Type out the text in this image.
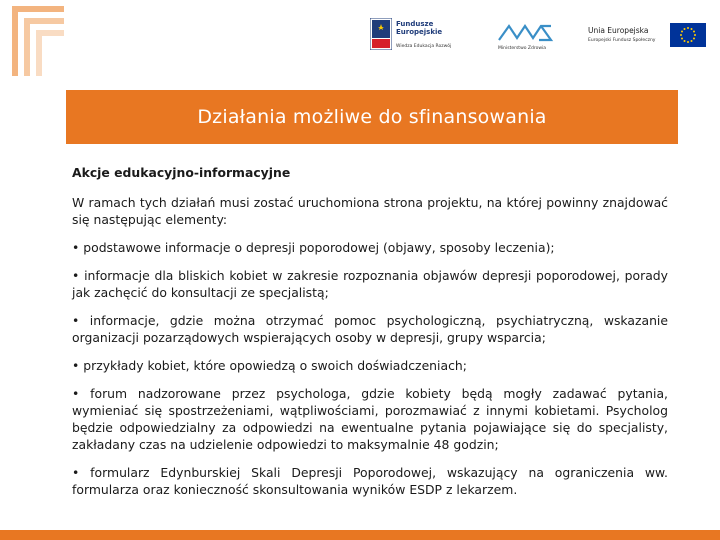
Fundusze
Europejskie
Wiedza Edukacja Rozwój	Ministerstwo Zdrowia
Unia Europejska
Europejski Fundusz Społeczny
Działania możliwe do sfinansowania

Akcje edukacyjno-informacyjne

W ramach tych działań musi zostać uruchomiona strona projektu, na której powinny znajdować się następując elementy:

• podstawowe informacje o depresji poporodowej (objawy, sposoby leczenia);

• informacje dla bliskich kobiet w zakresie rozpoznania objawów depresji poporodowej, porady jak zachęcić do konsultacji ze specjalistą;

• informacje, gdzie można otrzymać pomoc psychologiczną, psychiatryczną, wskazanie organizacji pozarządowych wspierających osoby w depresji, grupy wsparcia;

• przykłady kobiet, które opowiedzą o swoich doświadczeniach;

• forum nadzorowane przez psychologa, gdzie kobiety będą mogły zadawać pytania, wymieniać się spostrzeżeniami, wątpliwościami, porozmawiać z innymi kobietami. Psycholog będzie odpowiedzialny za odpowiedzi na ewentualne pytania pojawiające się do specjalisty, zakładany czas na udzielenie odpowiedzi to maksymalnie 48 godzin;

• formularz Edynburskiej Skali Depresji Poporodowej, wskazujący na ograniczenia ww. formularza oraz konieczność skonsultowania wyników ESDP z lekarzem.
